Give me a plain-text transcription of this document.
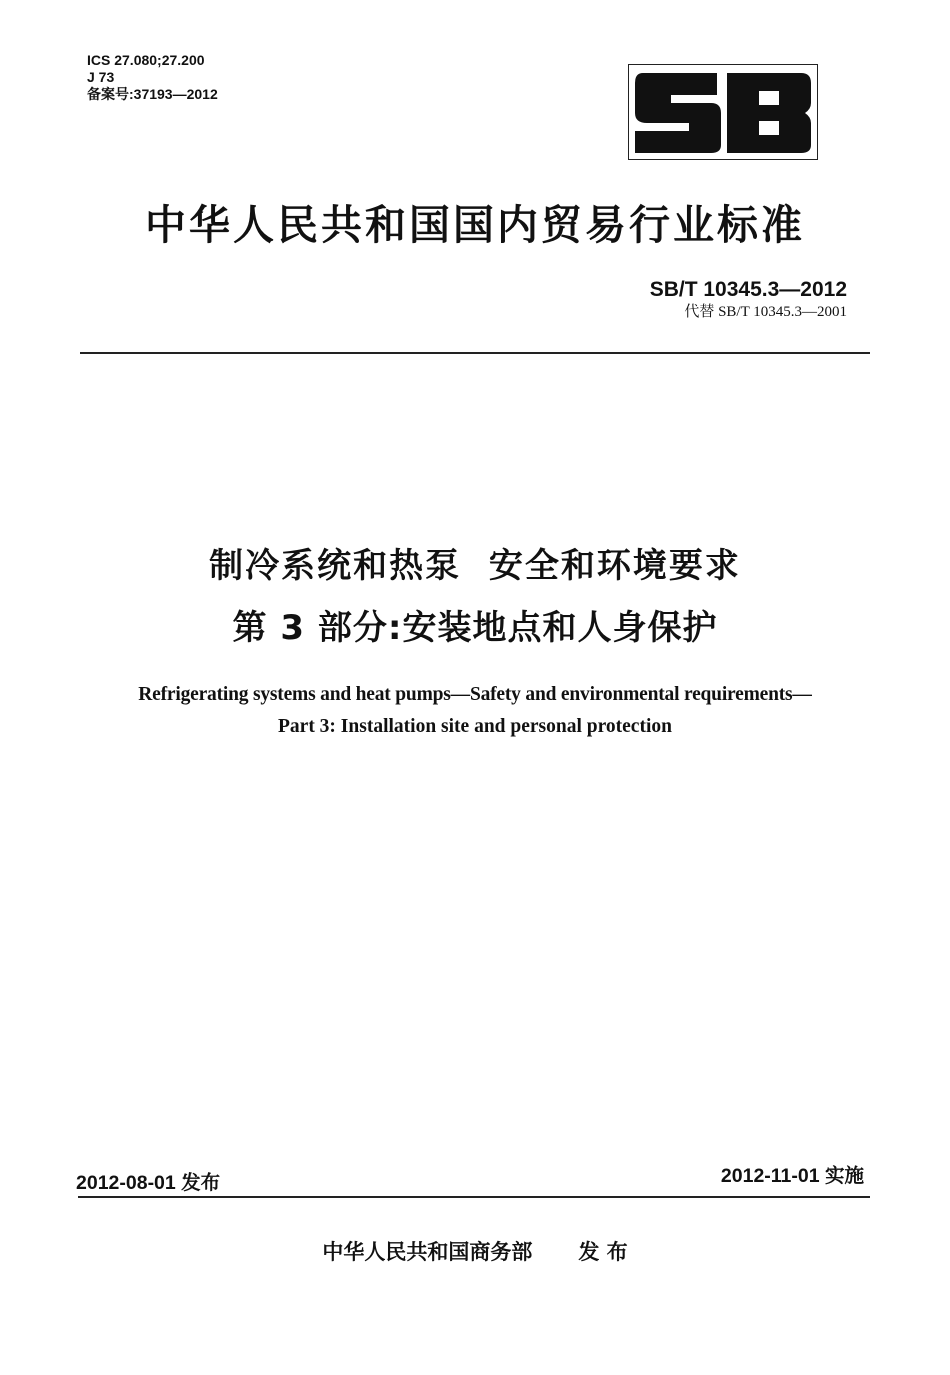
ICS 27.080;27.200
J 73
备案号:37193—2012
中华人民共和国国内贸易行业标准
SB/T 10345.3—2012
代替 SB/T 10345.3—2001
制冷系统和热泵  安全和环境要求
第 3 部分:安装地点和人身保护
Refrigerating systems and heat pumps—Safety and environmental requirements—
Part 3: Installation site and personal protection
2012-08-01 发布	2012-11-01 实施
中华人民共和国商务部 发 布
